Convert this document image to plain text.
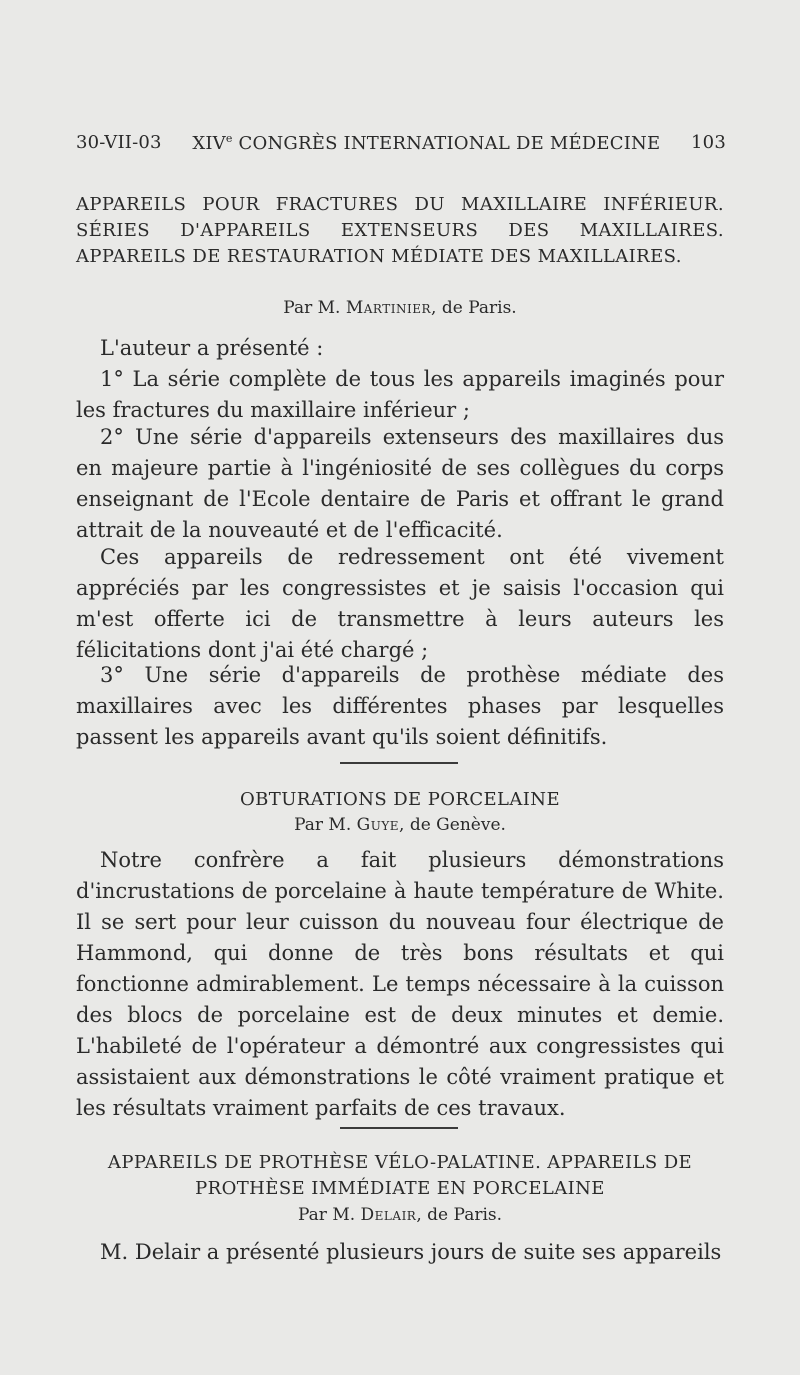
30-VII-03 XIVe CONGRÈS INTERNATIONAL DE MÉDECINE 103

APPAREILS POUR FRACTURES DU MAXILLAIRE INFÉRIEUR. SÉRIES D'APPAREILS EXTENSEURS DES MAXILLAIRES. APPAREILS DE RESTAURATION MÉDIATE DES MAXILLAIRES.

Par M. Martinier, de Paris.

L'auteur a présenté :

1° La série complète de tous les appareils imaginés pour les fractures du maxillaire inférieur ;

2° Une série d'appareils extenseurs des maxillaires dus en majeure partie à l'ingéniosité de ses collègues du corps enseignant de l'Ecole dentaire de Paris et offrant le grand attrait de la nouveauté et de l'efficacité.

Ces appareils de redressement ont été vivement appréciés par les congressistes et je saisis l'occasion qui m'est offerte ici de transmettre à leurs auteurs les félicitations dont j'ai été chargé ;

3° Une série d'appareils de prothèse médiate des maxillaires avec les différentes phases par lesquelles passent les appareils avant qu'ils soient définitifs.

OBTURATIONS DE PORCELAINE

Par M. Guye, de Genève.

Notre confrère a fait plusieurs démonstrations d'incrustations de porcelaine à haute température de White. Il se sert pour leur cuisson du nouveau four électrique de Hammond, qui donne de très bons résultats et qui fonctionne admirablement. Le temps nécessaire à la cuisson des blocs de porcelaine est de deux minutes et demie. L'habileté de l'opérateur a démontré aux congressistes qui assistaient aux démonstrations le côté vraiment pratique et les résultats vraiment parfaits de ces travaux.

APPAREILS DE PROTHÈSE VÉLO-PALATINE. APPAREILS DE PROTHÈSE IMMÉDIATE EN PORCELAINE

Par M. Delair, de Paris.

M. Delair a présenté plusieurs jours de suite ses appareils
